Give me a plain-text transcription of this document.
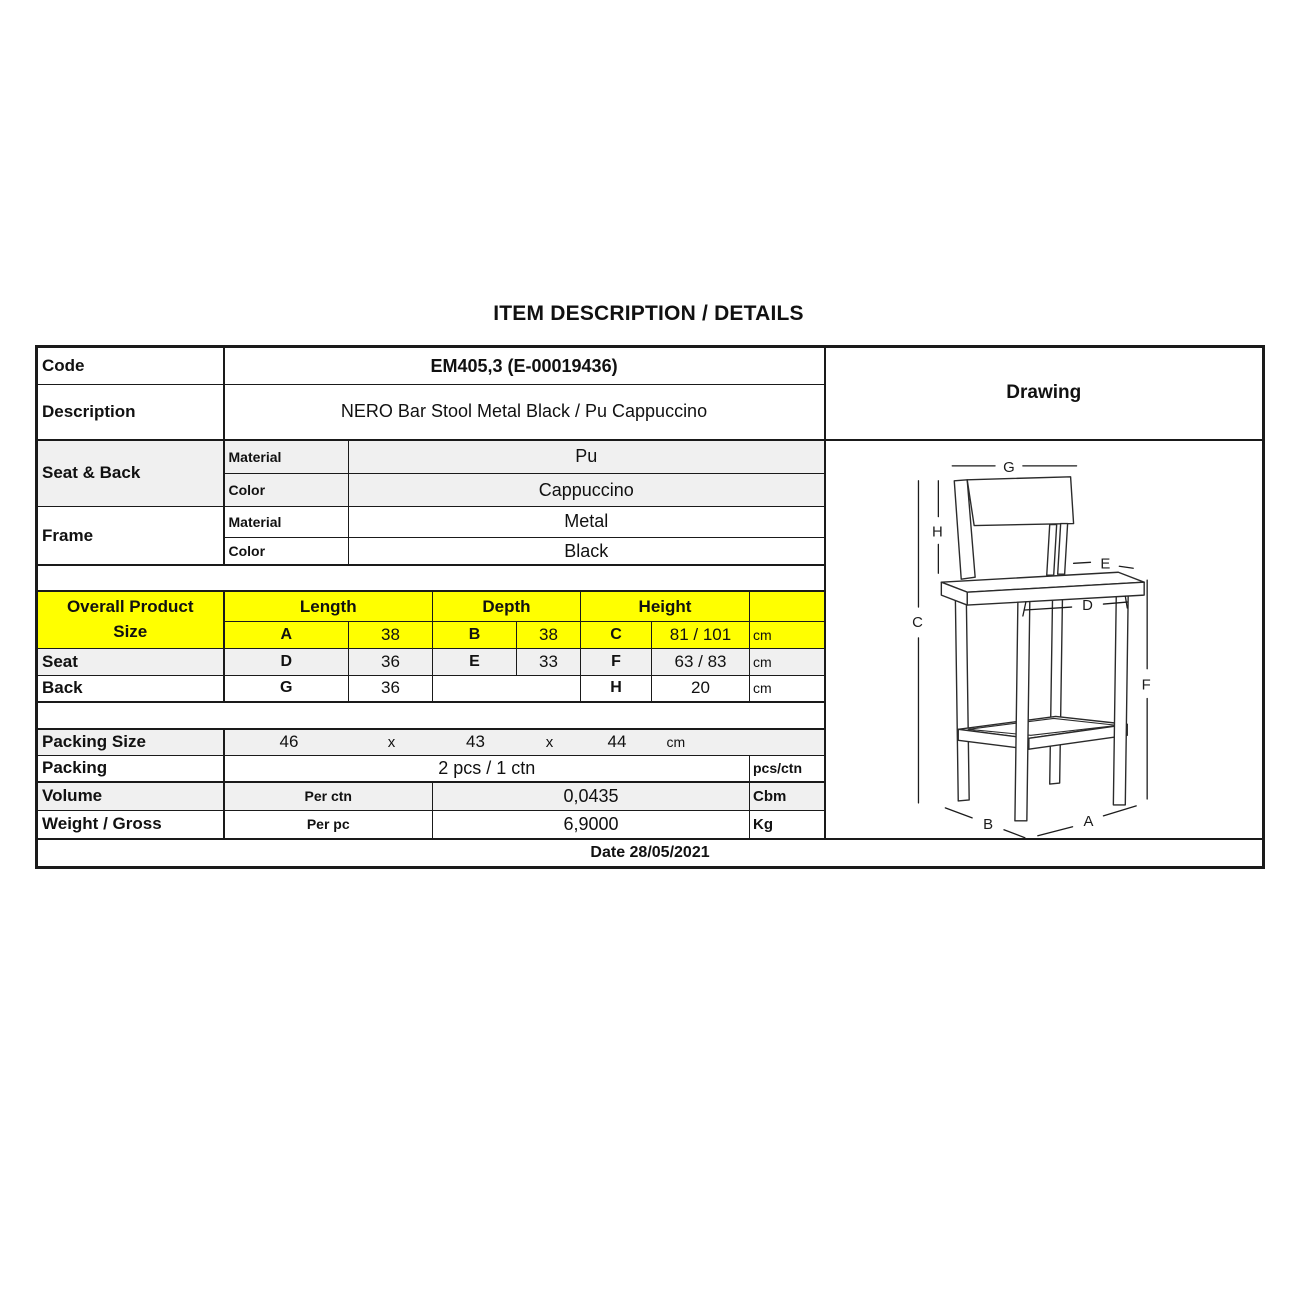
ITEM DESCRIPTION / DETAILS
Code	EM405,3 (E-00019436)							Drawing
Description	NERO Bar Stool Metal Black / Pu Cappuccino							
Seat & Back	Material	Pu	
G
H
C
E
D
F
B	A

	Color	Cappuccino						
Frame	Material	Metal						
	Color	Black						

Overall Product
Size	Length		Depth		Height			
	A	38	B	38	C	81 / 101	cm	
Seat	D	36	E	33	F	63 / 83	cm	
Back	G	36			H	20	cm	

Packing Size	46	x	43	x	44	cm

Packing	2 pcs / 1 ctn						pcs/ctn	
Volume	Per ctn		0,0435				Cbm	
Weight / Gross	Per pc		6,9000				Kg	
Date 28/05/2021								
